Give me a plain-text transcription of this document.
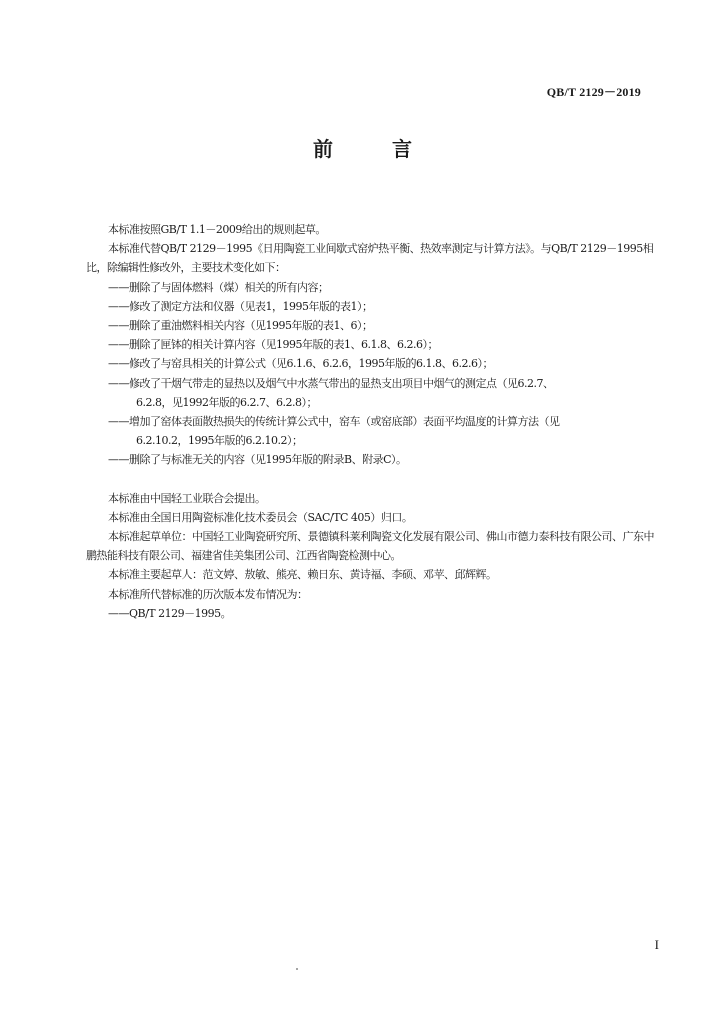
QB/T 2129－2019
前 言

本标准按照GB/T 1.1－2009给出的规则起草。

本标准代替QB/T 2129－1995《日用陶瓷工业间歇式窑炉热平衡、热效率测定与计算方法》。与QB/T 2129－1995相比，除编辑性修改外，主要技术变化如下：

——删除了与固体燃料（煤）相关的所有内容；

——修改了测定方法和仪器（见表1，1995年版的表1）；

——删除了重油燃料相关内容（见1995年版的表1、6）；

——删除了匣钵的相关计算内容（见1995年版的表1、6.1.8、6.2.6）；

——修改了与窑具相关的计算公式（见6.1.6、6.2.6，1995年版的6.1.8、6.2.6）；

——修改了干烟气带走的显热以及烟气中水蒸气带出的显热支出项目中烟气的测定点（见6.2.7、
6.2.8，见1992年版的6.2.7、6.2.8）；

——增加了窑体表面散热损失的传统计算公式中，窑车（或窑底部）表面平均温度的计算方法（见
6.2.10.2，1995年版的6.2.10.2）；

——删除了与标准无关的内容（见1995年版的附录B、附录C）。

本标准由中国轻工业联合会提出。

本标准由全国日用陶瓷标准化技术委员会（SAC/TC 405）归口。

本标准起草单位：中国轻工业陶瓷研究所、景德镇科莱利陶瓷文化发展有限公司、佛山市德力泰科技有限公司、广东中鹏热能科技有限公司、福建省佳美集团公司、江西省陶瓷检测中心。

本标准主要起草人：范文婷、敖敏、熊亮、赖日东、黄诗福、李硕、邓苹、邱辉辉。

本标准所代替标准的历次版本发布情况为：

——QB/T 2129－1995。

I
